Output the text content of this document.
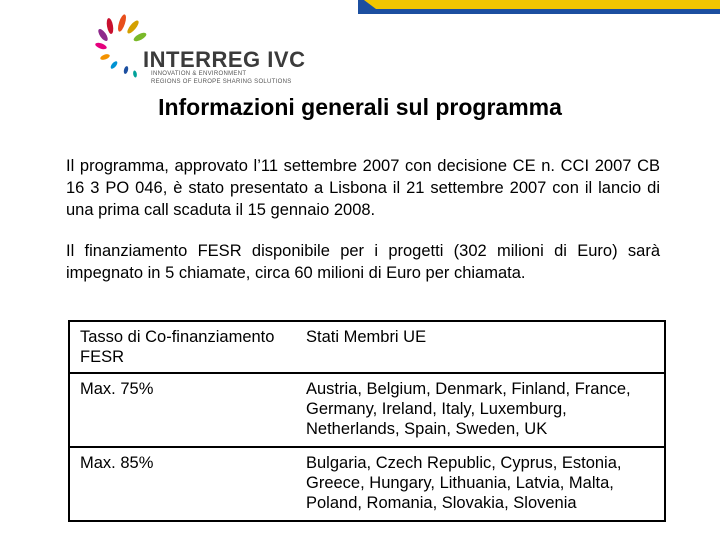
INTERREG IVC
INNOVATION & ENVIRONMENT
REGIONS OF EUROPE SHARING SOLUTIONS
Informazioni generali sul programma

Il programma, approvato l’11 settembre 2007 con decisione CE n. CCI 2007 CB 16 3 PO 046, è stato presentato a Lisbona il 21 settembre 2007 con il lancio di una prima call scaduta il 15 gennaio 2008.

Il finanziamento FESR disponibile per i progetti (302 milioni di Euro) sarà impegnato in 5 chiamate, circa 60 milioni di Euro per chiamata.

Tasso di Co-finanziamento FESR	Stati Membri UE
Max. 75%	Austria, Belgium, Denmark, Finland, France, Germany, Ireland, Italy, Luxemburg, Netherlands, Spain, Sweden, UK
Max. 85%	Bulgaria, Czech Republic, Cyprus, Estonia, Greece, Hungary, Lithuania, Latvia, Malta, Poland, Romania, Slovakia, Slovenia
